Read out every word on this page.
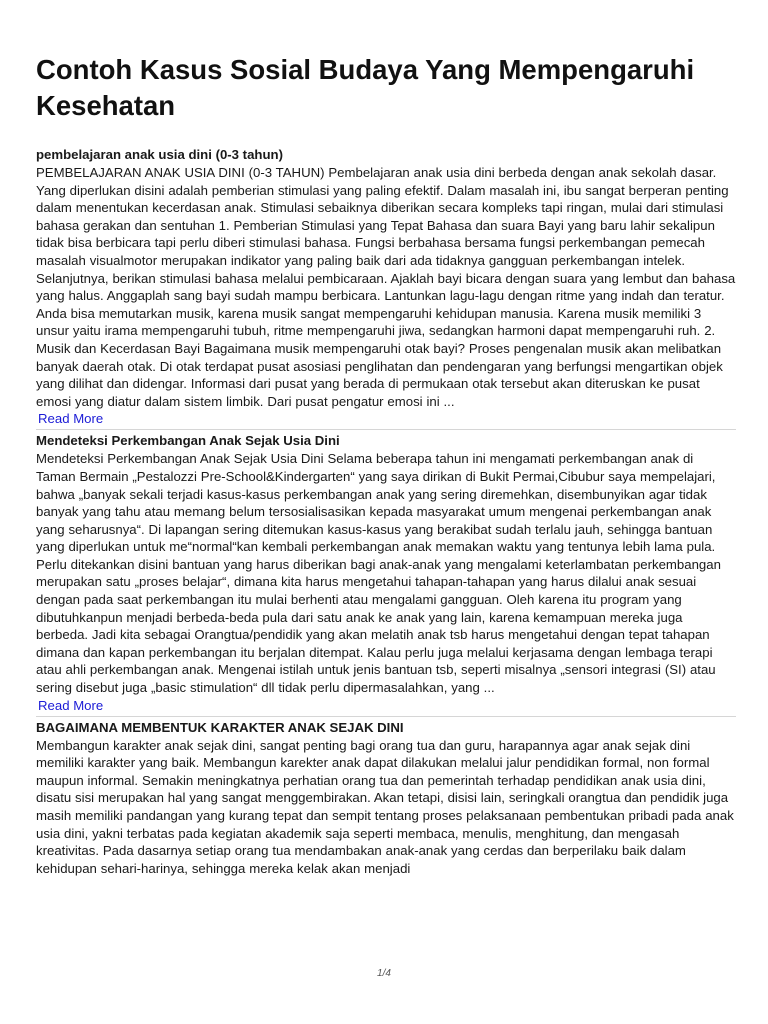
Contoh Kasus Sosial Budaya Yang Mempengaruhi Kesehatan
pembelajaran anak usia dini (0-3 tahun)
PEMBELAJARAN ANAK USIA DINI (0-3 TAHUN) Pembelajaran anak usia dini berbeda dengan anak sekolah dasar. Yang diperlukan disini adalah pemberian stimulasi yang paling efektif. Dalam masalah ini, ibu sangat berperan penting dalam menentukan kecerdasan anak. Stimulasi sebaiknya diberikan secara kompleks tapi ringan, mulai dari stimulasi bahasa gerakan dan sentuhan 1. Pemberian Stimulasi yang Tepat Bahasa dan suara Bayi yang baru lahir sekalipun tidak bisa berbicara tapi perlu diberi stimulasi bahasa. Fungsi berbahasa bersama fungsi perkembangan pemecah masalah visualmotor merupakan indikator yang paling baik dari ada tidaknya gangguan perkembangan intelek. Selanjutnya, berikan stimulasi bahasa melalui pembicaraan. Ajaklah bayi bicara dengan suara yang lembut dan bahasa yang halus. Anggaplah sang bayi sudah mampu berbicara. Lantunkan lagu-lagu dengan ritme yang indah dan teratur. Anda bisa memutarkan musik, karena musik sangat mempengaruhi kehidupan manusia. Karena musik memiliki 3 unsur yaitu irama mempengaruhi tubuh, ritme mempengaruhi jiwa, sedangkan harmoni dapat mempengaruhi ruh. 2. Musik dan Kecerdasan Bayi Bagaimana musik mempengaruhi otak bayi? Proses pengenalan musik akan melibatkan banyak daerah otak. Di otak terdapat pusat asosiasi penglihatan dan pendengaran yang berfungsi mengartikan objek yang dilihat dan didengar. Informasi dari pusat yang berada di permukaan otak tersebut akan diteruskan ke pusat emosi yang diatur dalam sistem limbik. Dari pusat pengatur emosi ini ...
Read More
Mendeteksi Perkembangan Anak Sejak Usia Dini
Mendeteksi Perkembangan Anak Sejak Usia Dini Selama beberapa tahun ini mengamati perkembangan anak di Taman Bermain „Pestalozzi Pre-School&Kindergarten“ yang saya dirikan di Bukit Permai,Cibubur saya mempelajari, bahwa „banyak sekali terjadi kasus-kasus perkembangan anak yang sering diremehkan, disembunyikan agar tidak banyak yang tahu atau memang belum tersosialisasikan kepada masyarakat umum mengenai perkembangan anak yang seharusnya“. Di lapangan sering ditemukan kasus-kasus yang berakibat sudah terlalu jauh, sehingga bantuan yang diperlukan untuk me“normal“kan kembali perkembangan anak memakan waktu yang tentunya lebih lama pula. Perlu ditekankan disini bantuan yang harus diberikan bagi anak-anak yang mengalami keterlambatan perkembangan merupakan satu „proses belajar“, dimana kita harus mengetahui tahapan-tahapan yang harus dilalui anak sesuai dengan pada saat perkembangan itu mulai berhenti atau mengalami gangguan. Oleh karena itu program yang dibutuhkanpun menjadi berbeda-beda pula dari satu anak ke anak yang lain, karena kemampuan mereka juga berbeda. Jadi kita sebagai Orangtua/pendidik yang akan melatih anak tsb harus mengetahui dengan tepat tahapan dimana dan kapan perkembangan itu berjalan ditempat. Kalau perlu juga melalui kerjasama dengan lembaga terapi atau ahli perkembangan anak. Mengenai istilah untuk jenis bantuan tsb, seperti misalnya „sensori integrasi (SI) atau sering disebut juga „basic stimulation“ dll tidak perlu dipermasalahkan, yang ...
Read More
BAGAIMANA MEMBENTUK KARAKTER ANAK SEJAK DINI
Membangun karakter anak sejak dini, sangat penting bagi orang tua dan guru, harapannya agar anak sejak dini memiliki karakter yang baik. Membangun karekter anak dapat dilakukan melalui jalur pendidikan formal, non formal maupun informal. Semakin meningkatnya perhatian orang tua dan pemerintah terhadap pendidikan anak usia dini, disatu sisi merupakan hal yang sangat menggembirakan. Akan tetapi, disisi lain, seringkali orangtua dan pendidik juga masih memiliki pandangan yang kurang tepat dan sempit tentang proses pelaksanaan pembentukan pribadi pada anak usia dini, yakni terbatas pada kegiatan akademik saja seperti membaca, menulis, menghitung, dan mengasah kreativitas. Pada dasarnya setiap orang tua mendambakan anak-anak yang cerdas dan berperilaku baik dalam kehidupan sehari-harinya, sehingga mereka kelak akan menjadi
1/4
